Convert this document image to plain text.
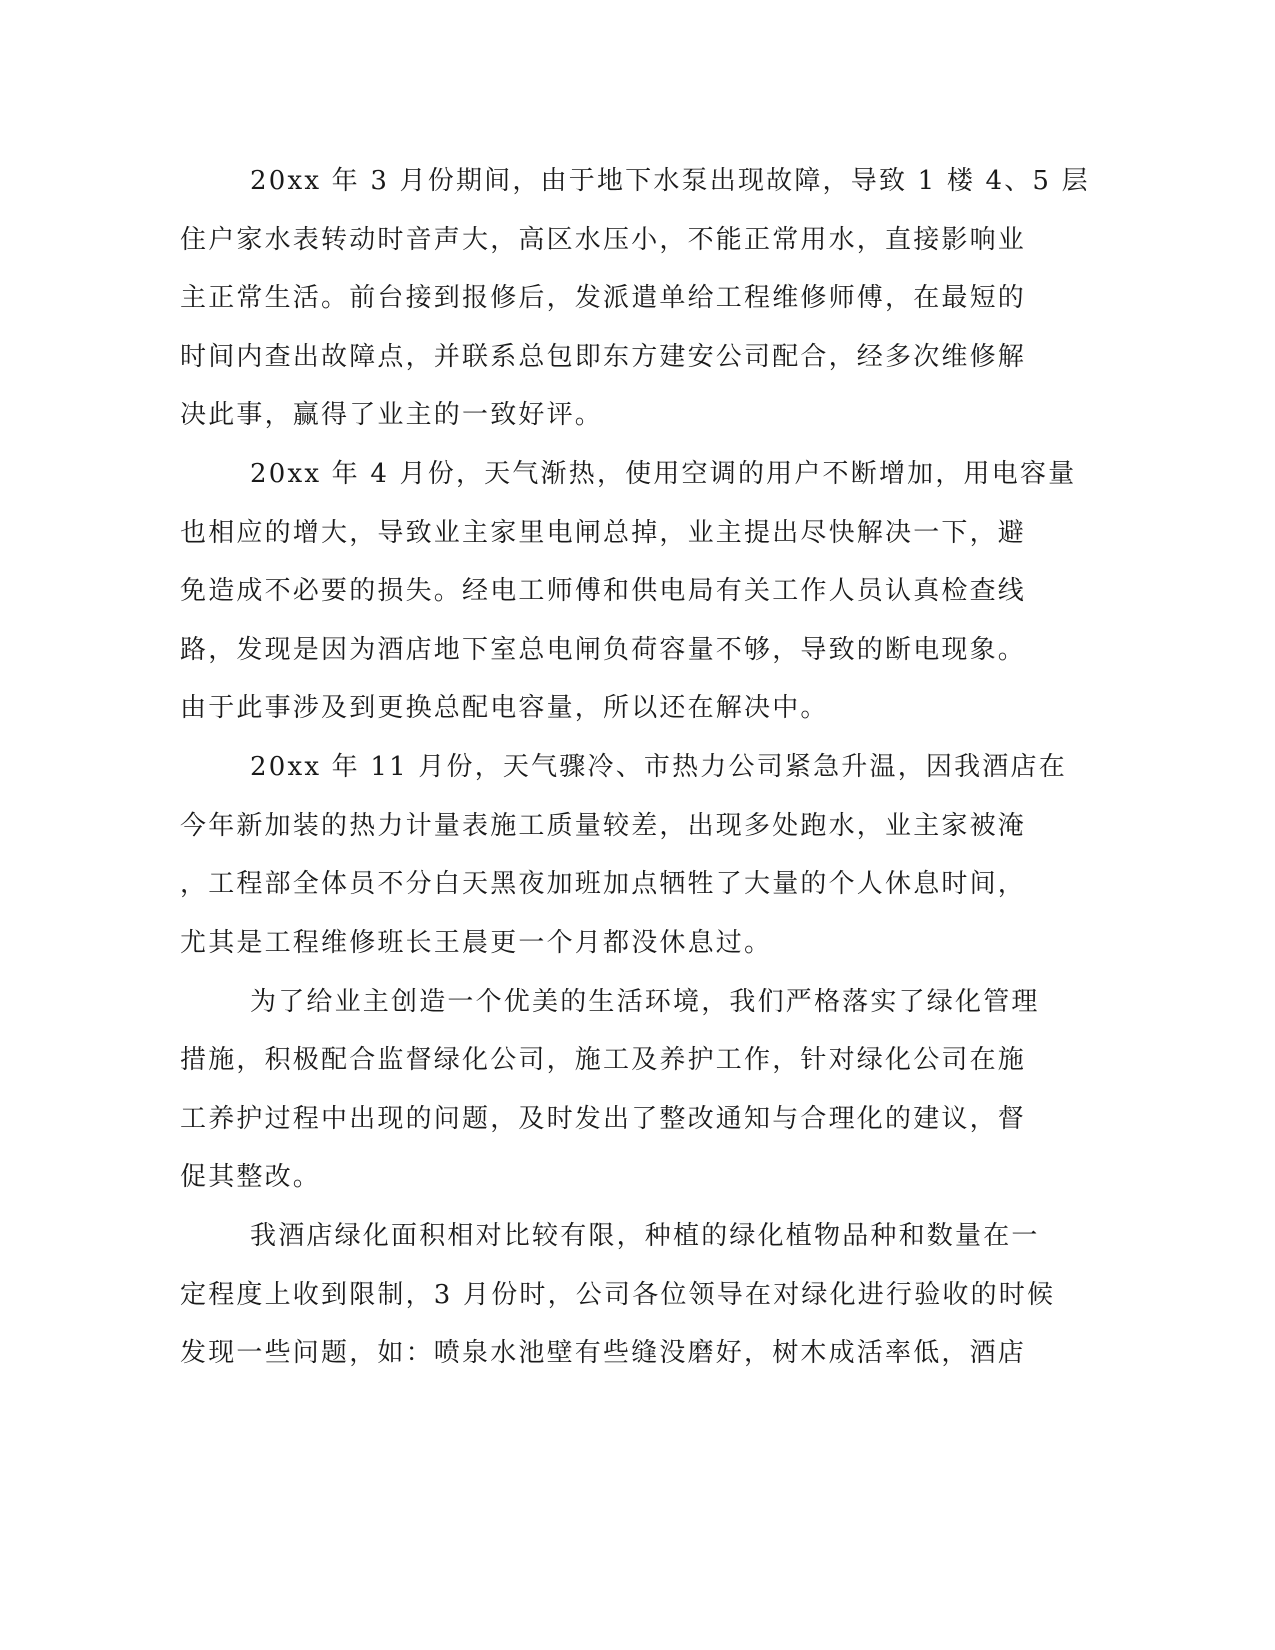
20xx 年 3 月份期间，由于地下水泵出现故障，导致 1 楼 4、5 层
住户家水表转动时音声大，高区水压小，不能正常用水，直接影响业
主正常生活。前台接到报修后，发派遣单给工程维修师傅，在最短的
时间内查出故障点，并联系总包即东方建安公司配合，经多次维修解
决此事，赢得了业主的一致好评。
20xx 年 4 月份，天气渐热，使用空调的用户不断增加，用电容量
也相应的增大，导致业主家里电闸总掉，业主提出尽快解决一下，避
免造成不必要的损失。经电工师傅和供电局有关工作人员认真检查线
路，发现是因为酒店地下室总电闸负荷容量不够，导致的断电现象。
由于此事涉及到更换总配电容量，所以还在解决中。
20xx 年 11 月份，天气骤冷、市热力公司紧急升温，因我酒店在
今年新加装的热力计量表施工质量较差，出现多处跑水，业主家被淹
，工程部全体员不分白天黑夜加班加点牺牲了大量的个人休息时间，
尤其是工程维修班长王晨更一个月都没休息过。
为了给业主创造一个优美的生活环境，我们严格落实了绿化管理
措施，积极配合监督绿化公司，施工及养护工作，针对绿化公司在施
工养护过程中出现的问题，及时发出了整改通知与合理化的建议，督
促其整改。
我酒店绿化面积相对比较有限，种植的绿化植物品种和数量在一
定程度上收到限制，3 月份时，公司各位领导在对绿化进行验收的时候
发现一些问题，如：喷泉水池壁有些缝没磨好，树木成活率低，酒店
